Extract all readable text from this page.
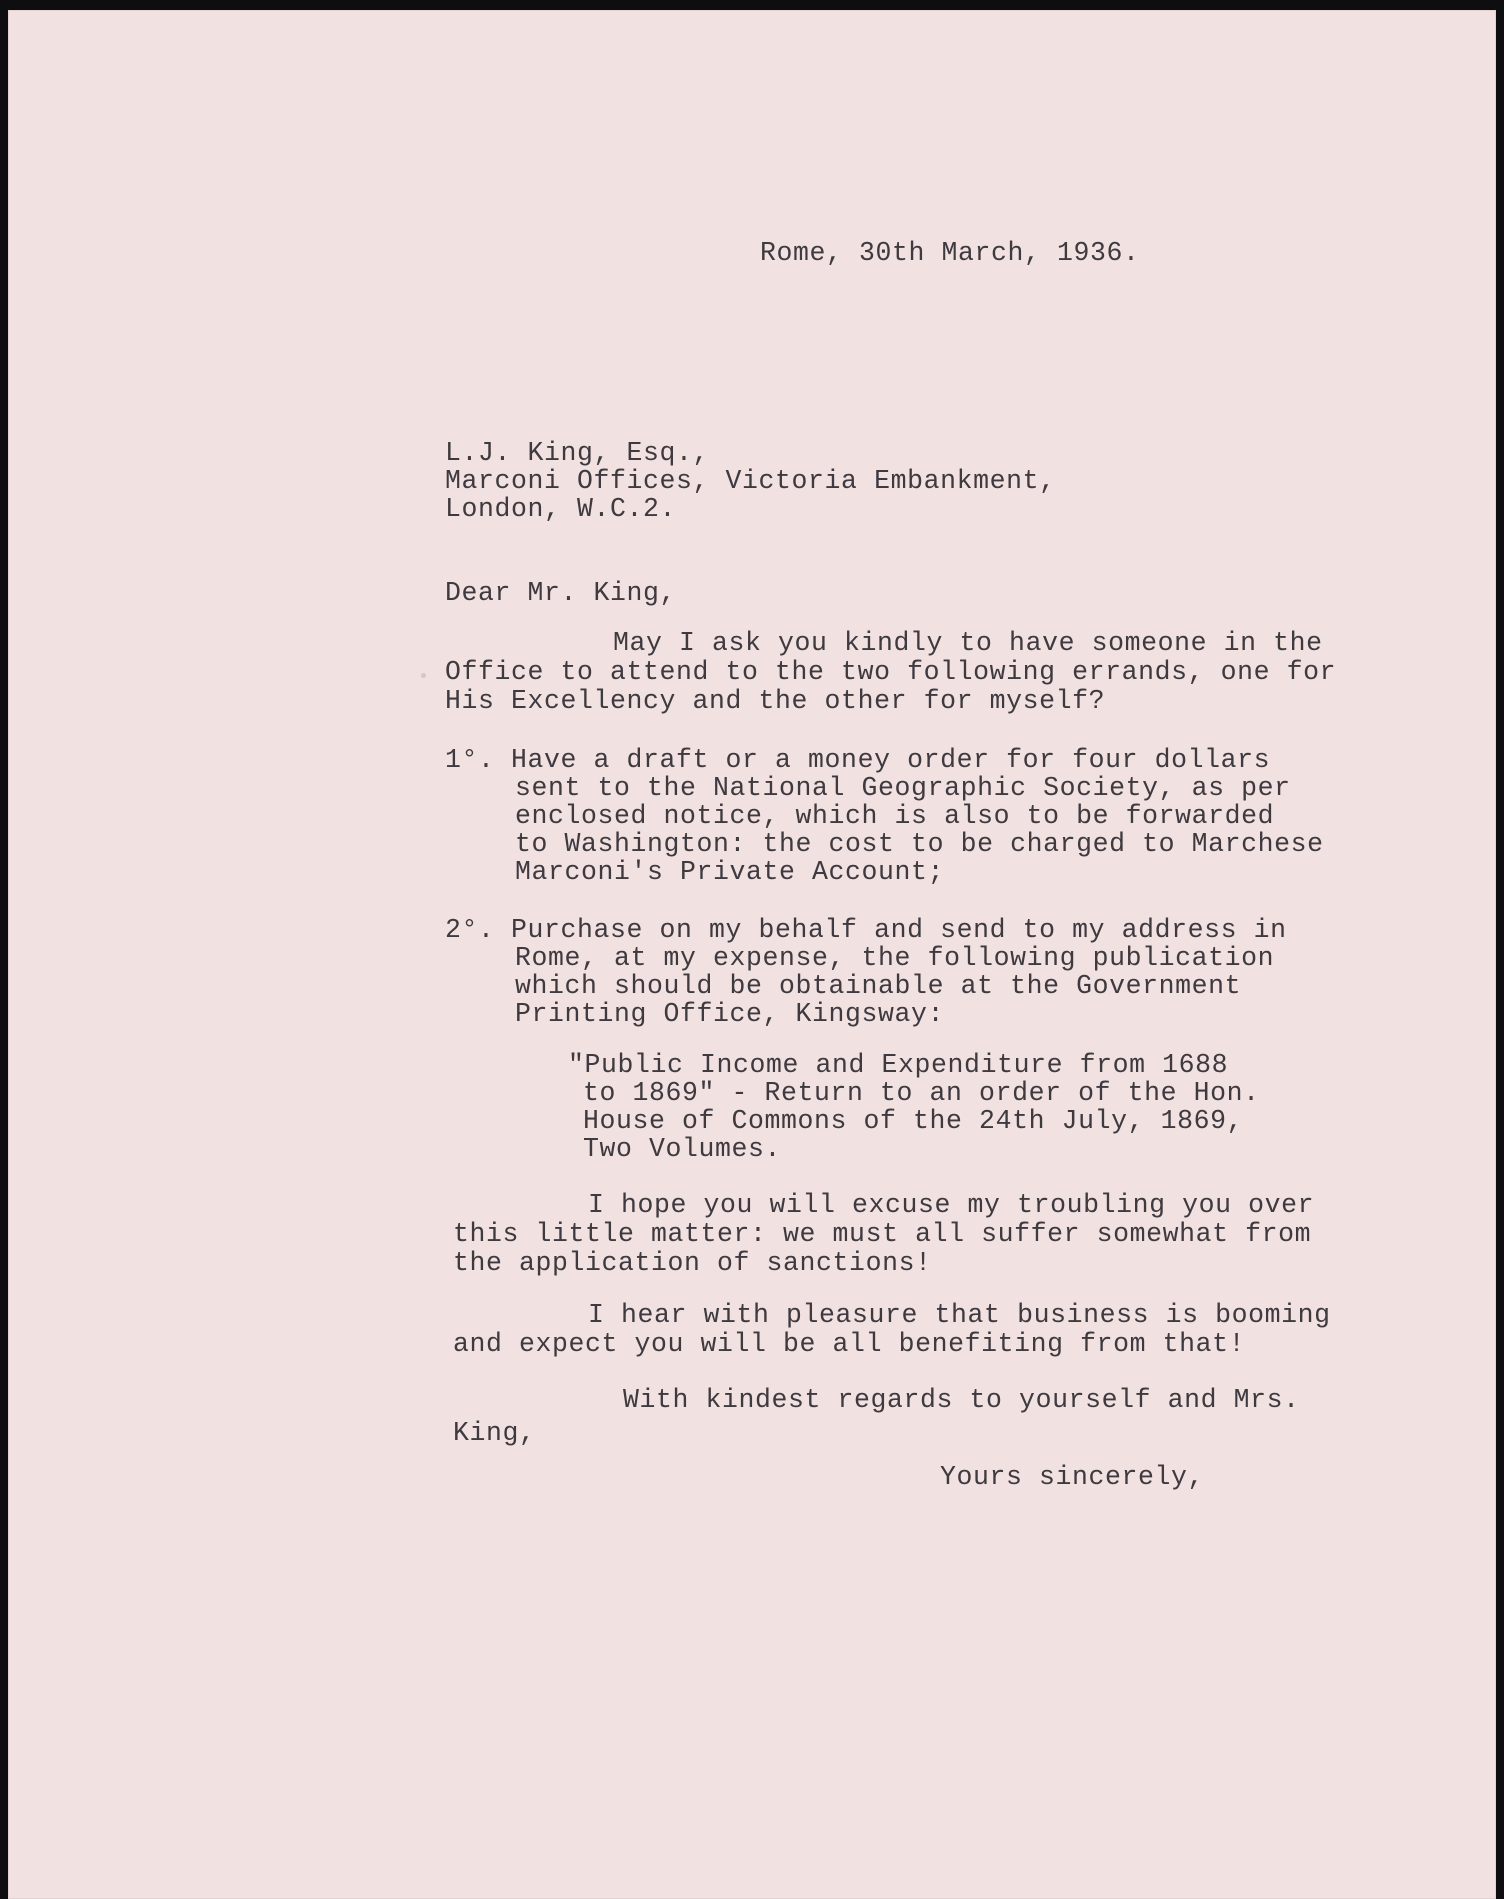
Rome, 30th March, 1936.
L.J. King, Esq.,
Marconi Offices, Victoria Embankment,
London, W.C.2.
Dear Mr. King,
May I ask you kindly to have someone in the
Office to attend to the two following errands, one for
His Excellency and the other for myself?
1°. Have a draft or a money order for four dollars
sent to the National Geographic Society, as per
enclosed notice, which is also to be forwarded
to Washington: the cost to be charged to Marchese
Marconi's Private Account;
2°. Purchase on my behalf and send to my address in
Rome, at my expense, the following publication
which should be obtainable at the Government
Printing Office, Kingsway:
"Public Income and Expenditure from 1688
to 1869" - Return to an order of the Hon.
House of Commons of the 24th July, 1869,
Two Volumes.
I hope you will excuse my troubling you over
this little matter: we must all suffer somewhat from
the application of sanctions!
I hear with pleasure that business is booming
and expect you will be all benefiting from that!
With kindest regards to yourself and Mrs.
King,
Yours sincerely,
